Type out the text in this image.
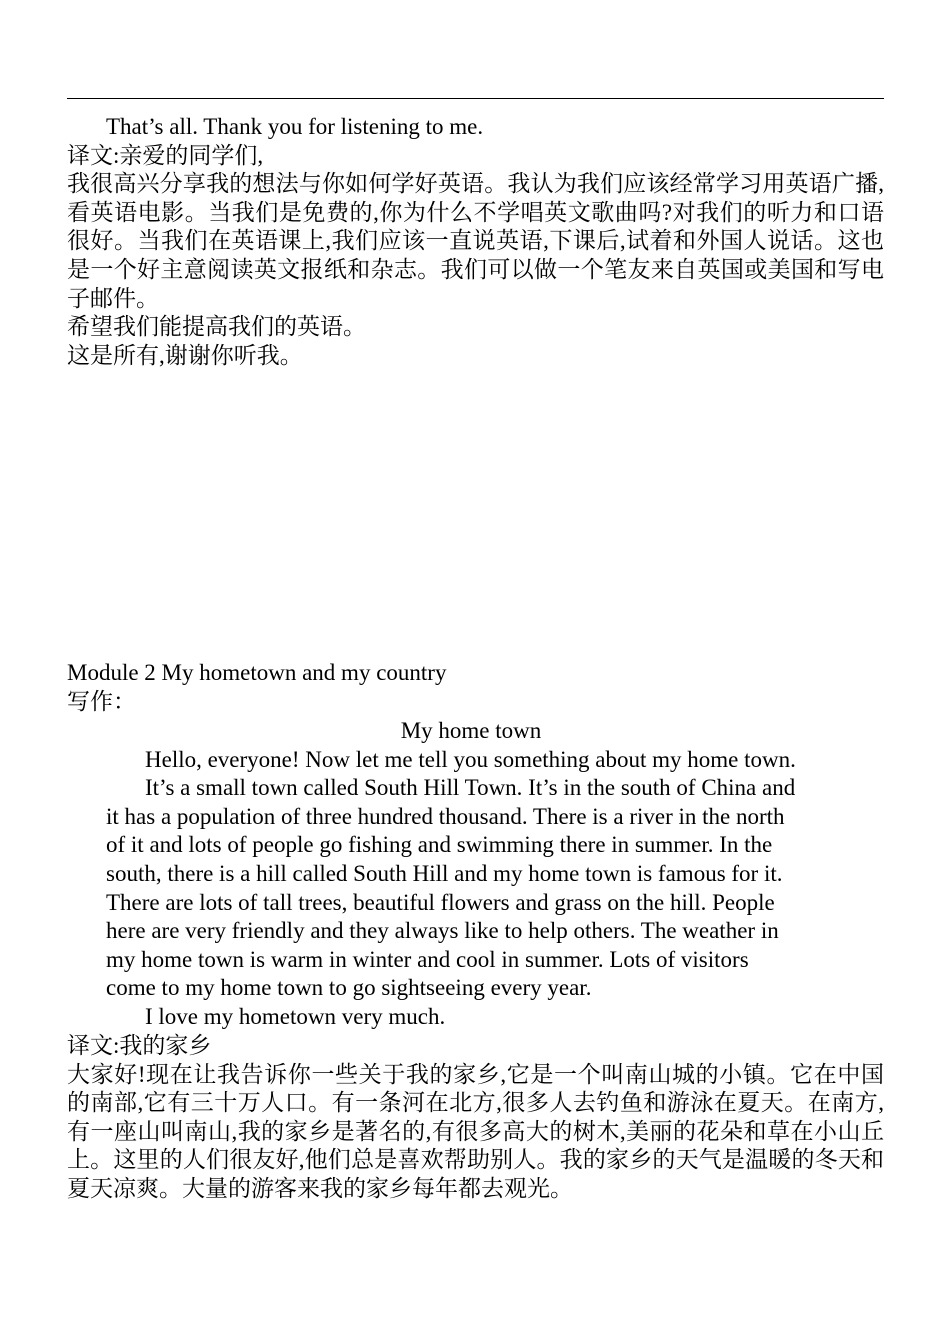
That’s all. Thank you for listening to me.
译文:亲爱的同学们,
我很高兴分享我的想法与你如何学好英语。我认为我们应该经常学习用英语广播,看英语电影。当我们是免费的,你为什么不学唱英文歌曲吗?对我们的听力和口语很好。当我们在英语课上,我们应该一直说英语,下课后,试着和外国人说话。这也是一个好主意阅读英文报纸和杂志。我们可以做一个笔友来自英国或美国和写电子邮件。
希望我们能提高我们的英语。
这是所有,谢谢你听我。
Module 2 My hometown and my country
写作：
My home town
Hello, everyone! Now let me tell you something about my home town.
It’s a small town called South Hill Town. It’s in the south of China and
it has a population of three hundred thousand. There is a river in the north
of it and lots of people go fishing and swimming there in summer. In the
south, there is a hill called South Hill and my home town is famous for it.
There are lots of tall trees, beautiful flowers and grass on the hill. People
here are very friendly and they always like to help others. The weather in
my home town is warm in winter and cool in summer. Lots of visitors
come to my home town to go sightseeing every year.
I love my hometown very much.
译文:我的家乡
大家好!现在让我告诉你一些关于我的家乡,它是一个叫南山城的小镇。它在中国的南部,它有三十万人口。有一条河在北方,很多人去钓鱼和游泳在夏天。在南方,有一座山叫南山,我的家乡是著名的,有很多高大的树木,美丽的花朵和草在小山丘上。这里的人们很友好,他们总是喜欢帮助别人。我的家乡的天气是温暖的冬天和夏天凉爽。大量的游客来我的家乡每年都去观光。
